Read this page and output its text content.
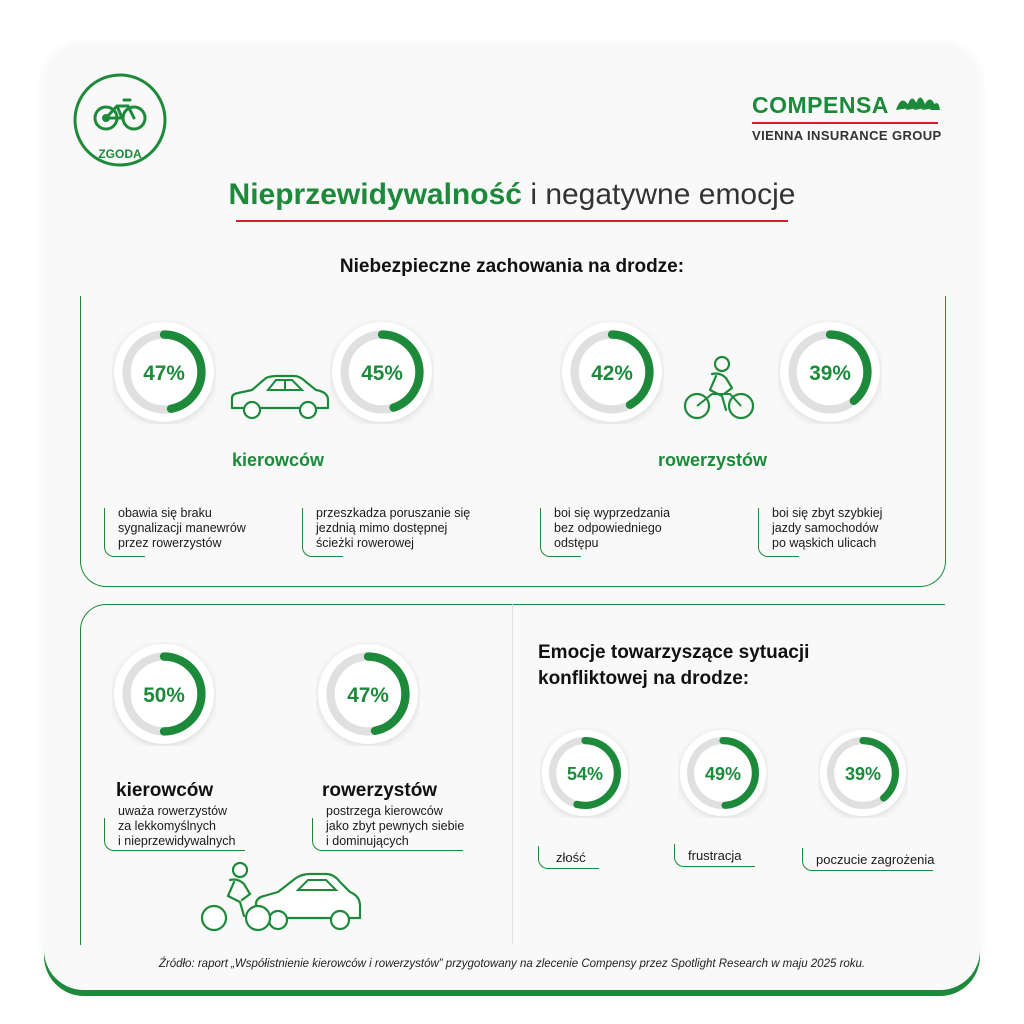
ZGODA
COMPENSA
VIENNA INSURANCE GROUP
Nieprzewidywalność i negatywne emocje
Niebezpieczne zachowania na drodze:
47%	45%	42%	39%
50%	47%
54%	49%	39%
kierowców	rowerzystów
obawia się braku
sygnalizacji manewrów
przez rowerzystów
przeszkadza poruszanie się
jezdnią mimo dostępnej
ścieżki rowerowej
boi się wyprzedzania
bez odpowiedniego
odstępu
boi się zbyt szybkiej
jazdy samochodów
po wąskich ulicach
kierowców
uważa rowerzystów
za lekkomyślnych
i nieprzewidywalnych
rowerzystów
postrzega kierowców
jako zbyt pewnych siebie
i dominujących
Emocje towarzyszące sytuacji
konfliktowej na drodze:
złość	frustracja	poczucie zagrożenia
Źródło: raport „Współistnienie kierowców i rowerzystów” przygotowany na zlecenie Compensy przez Spotlight Research w maju 2025 roku.
